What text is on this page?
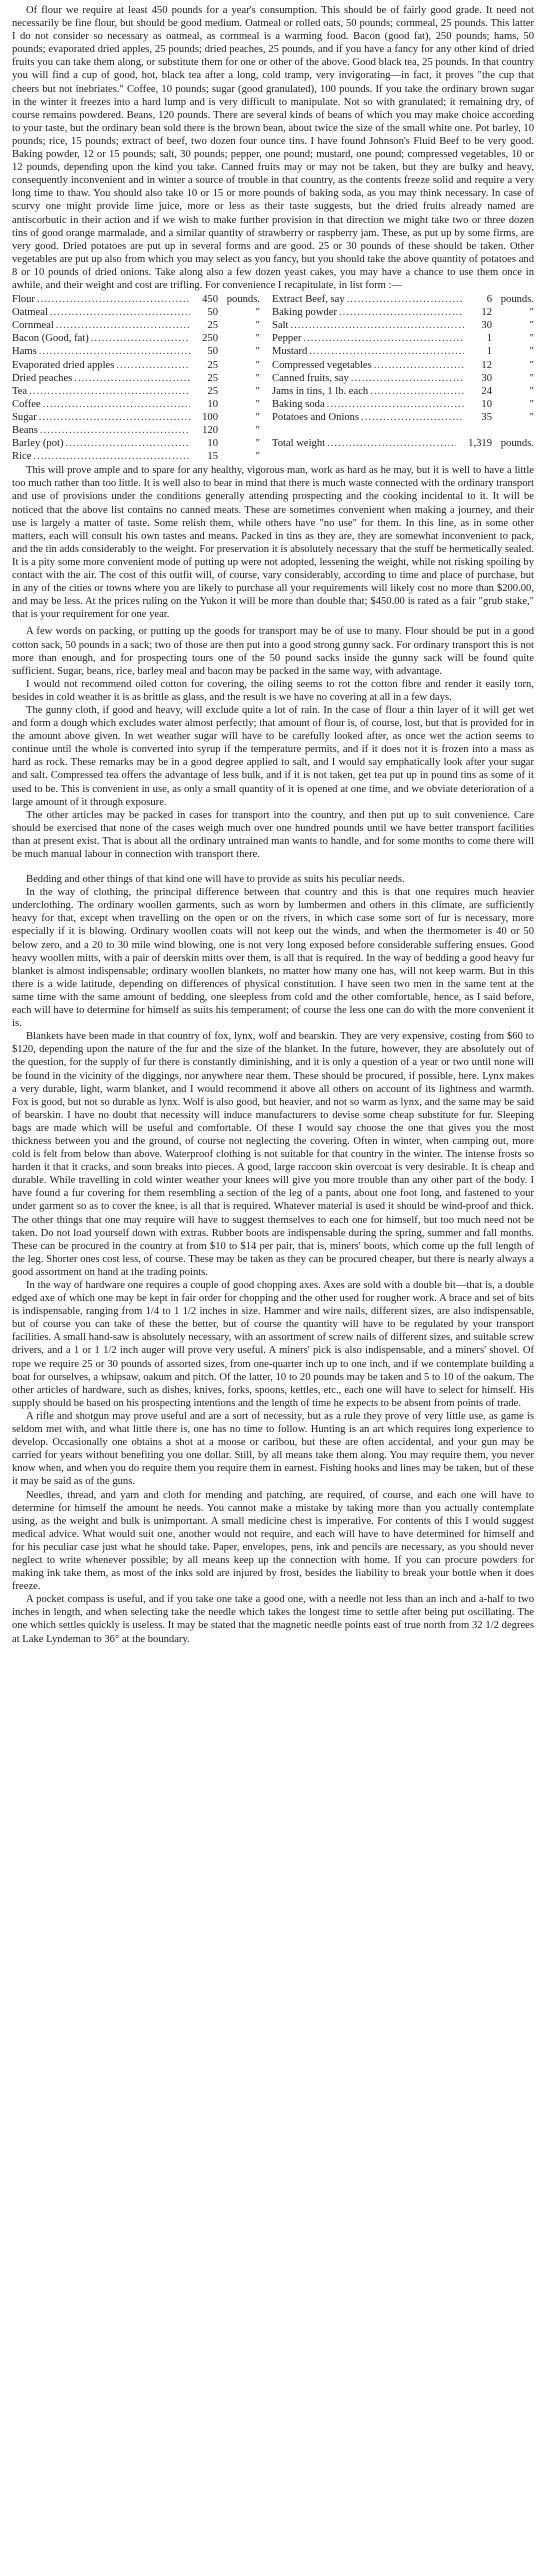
Of flour we require at least 450 pounds for a year's consumption. This should be of fairly good grade. It need not necessarily be fine flour, but should be good medium. Oatmeal or rolled oats, 50 pounds; cornmeal, 25 pounds. This latter I do not consider so necessary as oatmeal, as cornmeal is a warming food. Bacon (good fat), 250 pounds; hams, 50 pounds; evaporated dried apples, 25 pounds; dried peaches, 25 pounds, and if you have a fancy for any other kind of dried fruits you can take them along, or substitute them for one or other of the above. Good black tea, 25 pounds. In that country you will find a cup of good, hot, black tea after a long, cold tramp, very invigorating—in fact, it proves "the cup that cheers but not inebriates." Coffee, 10 pounds; sugar (good granulated), 100 pounds. If you take the ordinary brown sugar in the winter it freezes into a hard lump and is very difficult to manipulate. Not so with granulated; it remaining dry, of course remains powdered. Beans, 120 pounds. There are several kinds of beans of which you may make choice according to your taste, but the ordinary bean sold there is the brown bean, about twice the size of the small white one. Pot barley, 10 pounds; rice, 15 pounds; extract of beef, two dozen four ounce tins. I have found Johnson's Fluid Beef to be very good. Baking powder, 12 or 15 pounds; salt, 30 pounds; pepper, one pound; mustard, one pound; compressed vegetables, 10 or 12 pounds, depending upon the kind you take. Canned fruits may or may not be taken, but they are bulky and heavy, consequently inconvenient and in winter a source of trouble in that country, as the contents freeze solid and require a very long time to thaw. You should also take 10 or 15 or more pounds of baking soda, as you may think necessary. In case of scurvy one might provide lime juice, more or less as their taste suggests, but the dried fruits already named are antiscorbutic in their action and if we wish to make further provision in that direction we might take two or three dozen tins of good orange marmalade, and a similar quantity of strawberry or raspberry jam. These, as put up by some firms, are very good. Dried potatoes are put up in several forms and are good. 25 or 30 pounds of these should be taken. Other vegetables are put up also from which you may select as you fancy, but you should take the above quantity of potatoes and 8 or 10 pounds of dried onions. Take along also a few dozen yeast cakes, you may have a chance to use them once in awhile, and their weight and cost are trifling. For convenience I recapitulate, in list form :—

Flour .....	450 pounds.
Oatmeal .....	50	"
Cornmeal .....	25	"
Bacon (Good, fat) .....	250	"
Hams .....	50	"
Evaporated dried apples .....	25	"
Dried peaches .....	25	"
Tea .....	25	"
Coffee .....	10	"
Sugar .....	100	"
Beans .....	120	"
Barley (pot) .....	10	"
Rice .....	15	"
Extract Beef, say .....	6 pounds.
Baking powder .....	12	"
Salt .....	30	"
Pepper .....	1	"
Mustard .....	1	"
Compressed vegetables .....	12	"
Canned fruits, say .....	30	"
Jams in tins, 1 lb. each .....	24	"
Baking soda .....	10	"
Potatoes and Onions .....	35	"
Total weight .....	1,319 pounds.

This will prove ample and to spare for any healthy, vigorous man, work as hard as he may, but it is well to have a little too much rather than too little. It is well also to bear in mind that there is much waste connected with the ordinary transport and use of provisions under the conditions generally attending prospecting and the cooking incidental to it. It will be noticed that the above list contains no canned meats. These are sometimes convenient when making a journey, and their use is largely a matter of taste. Some relish them, while others have "no use" for them. In this line, as in some other matters, each will consult his own tastes and means. Packed in tins as they are, they are somewhat inconvenient to pack, and the tin adds considerably to the weight. For preservation it is absolutely necessary that the stuff be hermetically sealed. It is a pity some more convenient mode of putting up were not adopted, lessening the weight, while not risking spoiling by contact with the air. The cost of this outfit will, of course, vary considerably, according to time and place of purchase, but in any of the cities or towns where you are likely to purchase all your requirements will likely cost no more than $200.00, and may be less. At the prices ruling on the Yukon it will be more than double that; $450.00 is rated as a fair "grub stake," that is your requirement for one year.

A few words on packing, or putting up the goods for transport may be of use to many. Flour should be put in a good cotton sack, 50 pounds in a sack; two of those are then put into a good strong gunny sack. For ordinary transport this is not more than enough, and for prospecting tours one of the 50 pound sacks inside the gunny sack will be found quite sufficient. Sugar, beans, rice, barley meal and bacon may be packed in the same way, with advantage.

I would not recommend oiled cotton for covering, the oiling seems to rot the cotton fibre and render it easily torn, besides in cold weather it is as brittle as glass, and the result is we have no covering at all in a few days.

The gunny cloth, if good and heavy, will exclude quite a lot of rain. In the case of flour a thin layer of it will get wet and form a dough which excludes water almost perfectly; that amount of flour is, of course, lost, but that is provided for in the amount above given. In wet weather sugar will have to be carefully looked after, as once wet the action seems to continue until the whole is converted into syrup if the temperature permits, and if it does not it is frozen into a mass as hard as rock. These remarks may be in a good degree applied to salt, and I would say emphatically look after your sugar and salt. Compressed tea offers the advantage of less bulk, and if it is not taken, get tea put up in pound tins as some of it used to be. This is convenient in use, as only a small quantity of it is opened at one time, and we obviate deterioration of a large amount of it through exposure.

The other articles may be packed in cases for transport into the country, and then put up to suit convenience. Care should be exercised that none of the cases weigh much over one hundred pounds until we have better transport facilities than at present exist. That is about all the ordinary untrained man wants to handle, and for some months to come there will be much manual labour in connection with transport there.

Bedding and other things of that kind one will have to provide as suits his peculiar needs.

In the way of clothing, the principal difference between that country and this is that one requires much heavier underclothing. The ordinary woollen garments, such as worn by lumbermen and others in this climate, are sufficiently heavy for that, except when travelling on the open or on the rivers, in which case some sort of fur is necessary, more especially if it is blowing. Ordinary woollen coats will not keep out the winds, and when the thermometer is 40 or 50 below zero, and a 20 to 30 mile wind blowing, one is not very long exposed before considerable suffering ensues. Good heavy woollen mitts, with a pair of deerskin mitts over them, is all that is required. In the way of bedding a good heavy fur blanket is almost indispensable; ordinary woollen blankets, no matter how many one has, will not keep warm. But in this there is a wide latitude, depending on differences of physical constitution. I have seen two men in the same tent at the same time with the same amount of bedding, one sleepless from cold and the other comfortable, hence, as I said before, each will have to determine for himself as suits his temperament; of course the less one can do with the more convenient it is.

Blankets have been made in that country of fox, lynx, wolf and bearskin. They are very expensive, costing from $60 to $120, depending upon the nature of the fur and the size of the blanket. In the future, however, they are absolutely out of the question, for the supply of fur there is constantly diminishing, and it is only a question of a year or two until none will be found in the vicinity of the diggings, nor anywhere near them. These should be procured, if possible, here. Lynx makes a very durable, light, warm blanket, and I would recommend it above all others on account of its lightness and warmth. Fox is good, but not so durable as lynx. Wolf is also good, but heavier, and not so warm as lynx, and the same may be said of bearskin. I have no doubt that necessity will induce manufacturers to devise some cheap substitute for fur. Sleeping bags are made which will be useful and comfortable. Of these I would say choose the one that gives you the most thickness between you and the ground, of course not neglecting the covering. Often in winter, when camping out, more cold is felt from below than above. Waterproof clothing is not suitable for that country in the winter. The intense frosts so harden it that it cracks, and soon breaks into pieces. A good, large raccoon skin overcoat is very desirable. It is cheap and durable. While travelling in cold winter weather your knees will give you more trouble than any other part of the body. I have found a fur covering for them resembling a section of the leg of a pants, about one foot long, and fastened to your under garment so as to cover the knee, is all that is required. Whatever material is used it should be wind-proof and thick. The other things that one may require will have to suggest themselves to each one for himself, but too much need not be taken. Do not load yourself down with extras. Rubber boots are indispensable during the spring, summer and fall months. These can be procured in the country at from $10 to $14 per pair, that is, miners' boots, which come up the full length of the leg. Shorter ones cost less, of course. These may be taken as they can be procured cheaper, but there is nearly always a good assortment on hand at the trading points.

In the way of hardware one requires a couple of good chopping axes. Axes are sold with a double bit—that is, a double edged axe of which one may be kept in fair order for chopping and the other used for rougher work. A brace and set of bits is indispensable, ranging from 1/4 to 1 1/2 inches in size. Hammer and wire nails, different sizes, are also indispensable, but of course you can take of these the better, but of course the quantity will have to be regulated by your transport facilities. A small hand-saw is absolutely necessary, with an assortment of screw nails of different sizes, and suitable screw drivers, and a 1 or 1 1/2 inch auger will prove very useful. A miners' pick is also indispensable, and a miners' shovel. Of rope we require 25 or 30 pounds of assorted sizes, from one-quarter inch up to one inch, and if we contemplate building a boat for ourselves, a whipsaw, oakum and pitch. Of the latter, 10 to 20 pounds may be taken and 5 to 10 of the oakum. The other articles of hardware, such as dishes, knives, forks, spoons, kettles, etc., each one will have to select for himself. His supply should be based on his prospecting intentions and the length of time he expects to be absent from points of trade.

A rifle and shotgun may prove useful and are a sort of necessity, but as a rule they prove of very little use, as game is seldom met with, and what little there is, one has no time to follow. Hunting is an art which requires long experience to develop. Occasionally one obtains a shot at a moose or caribou, but these are often accidental, and your gun may be carried for years without benefiting you one dollar. Still, by all means take them along. You may require them, you never know when, and when you do require them you require them in earnest. Fishing hooks and lines may be taken, but of these it may be said as of the guns.

Needles, thread, and yarn and cloth for mending and patching, are required, of course, and each one will have to determine for himself the amount he needs. You cannot make a mistake by taking more than you actually contemplate using, as the weight and bulk is unimportant. A small medicine chest is imperative. For contents of this I would suggest medical advice. What would suit one, another would not require, and each will have to have determined for himself and for his peculiar case just what he should take. Paper, envelopes, pens, ink and pencils are necessary, as you should never neglect to write whenever possible; by all means keep up the connection with home. If you can procure powders for making ink take them, as most of the inks sold are injured by frost, besides the liability to break your bottle when it does freeze.

A pocket compass is useful, and if you take one take a good one, with a needle not less than an inch and a-half to two inches in length, and when selecting take the needle which takes the longest time to settle after being put oscillating. The one which settles quickly is useless. It may be stated that the magnetic needle points east of true north from 32 1/2 degrees at Lake Lyndeman to 36° at the boundary.
